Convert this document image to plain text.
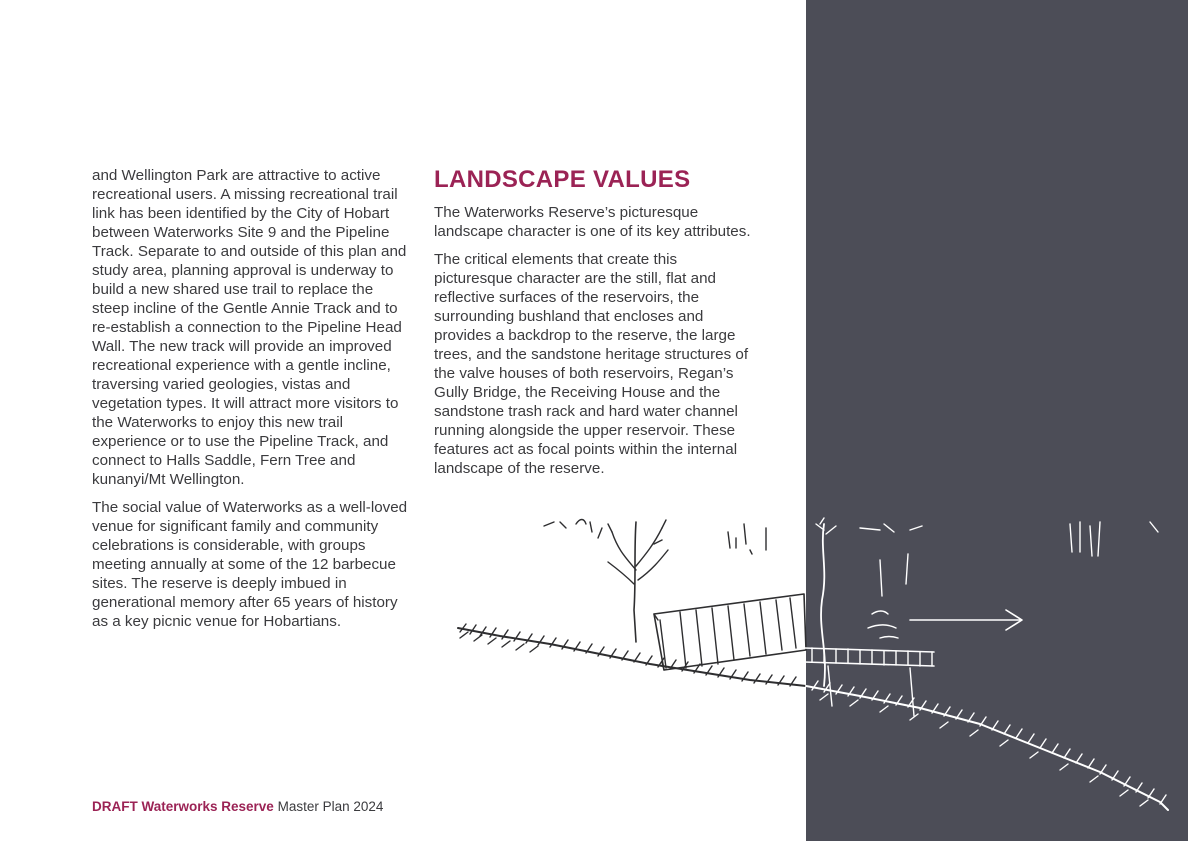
and Wellington Park are attractive to active recreational users. A missing recreational trail link has been identified by the City of Hobart between Waterworks Site 9 and the Pipeline Track. Separate to and outside of this plan and study area, planning approval is underway to build a new shared use trail to replace the steep incline of the Gentle Annie Track and to re-establish a connection to the Pipeline Head Wall. The new track will provide an improved recreational experience with a gentle incline, traversing varied geologies, vistas and vegetation types. It will attract more visitors to the Waterworks to enjoy this new trail experience or to use the Pipeline Track, and connect to Halls Saddle, Fern Tree and kunanyi/Mt Wellington.

The social value of Waterworks as a well-loved venue for significant family and community celebrations is considerable, with groups meeting annually at some of the 12 barbecue sites. The reserve is deeply imbued in generational memory after 65 years of history as a key picnic venue for Hobartians.

LANDSCAPE VALUES

The Waterworks Reserve’s picturesque landscape character is one of its key attributes.

The critical elements that create this picturesque character are the still, flat and reflective surfaces of the reservoirs, the surrounding bushland that encloses and provides a backdrop to the reserve, the large trees, and the sandstone heritage structures of the valve houses of both reservoirs, Regan’s Gully Bridge, the Receiving House and the sandstone trash rack and hard water channel running alongside the upper reservoir. These features act as focal points within the internal landscape of the reserve.

DRAFT Waterworks Reserve Master Plan 2024
